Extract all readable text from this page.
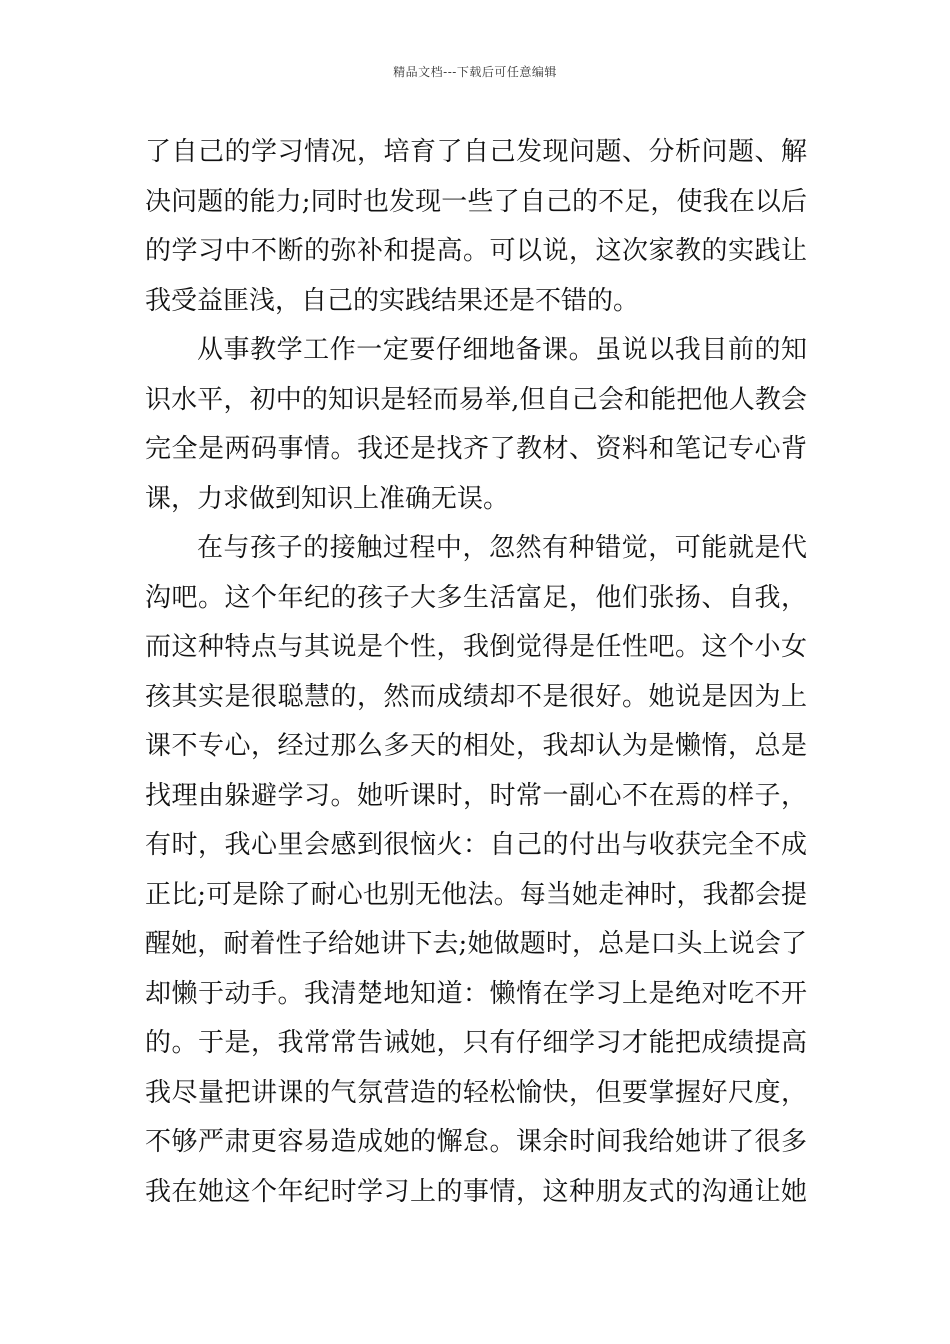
精品文档---下载后可任意编辑
了自己的学习情况，培育了自己发现问题、分析问题、解
决问题的能力;同时也发现一些了自己的不足，使我在以后
的学习中不断的弥补和提高。可以说，这次家教的实践让
我受益匪浅，自己的实践结果还是不错的。
从事教学工作一定要仔细地备课。虽说以我目前的知
识水平，初中的知识是轻而易举,但自己会和能把他人教会
完全是两码事情。我还是找齐了教材、资料和笔记专心背
课，力求做到知识上准确无误。
在与孩子的接触过程中，忽然有种错觉，可能就是代
沟吧。这个年纪的孩子大多生活富足，他们张扬、自我，
而这种特点与其说是个性，我倒觉得是任性吧。这个小女
孩其实是很聪慧的，然而成绩却不是很好。她说是因为上
课不专心，经过那么多天的相处，我却认为是懒惰，总是
找理由躲避学习。她听课时，时常一副心不在焉的样子，
有时，我心里会感到很恼火：自己的付出与收获完全不成
正比;可是除了耐心也别无他法。每当她走神时，我都会提
醒她，耐着性子给她讲下去;她做题时，总是口头上说会了
却懒于动手。我清楚地知道：懒惰在学习上是绝对吃不开
的。于是，我常常告诫她，只有仔细学习才能把成绩提高
我尽量把讲课的气氛营造的轻松愉快，但要掌握好尺度，
不够严肃更容易造成她的懈怠。课余时间我给她讲了很多
我在她这个年纪时学习上的事情，这种朋友式的沟通让她
